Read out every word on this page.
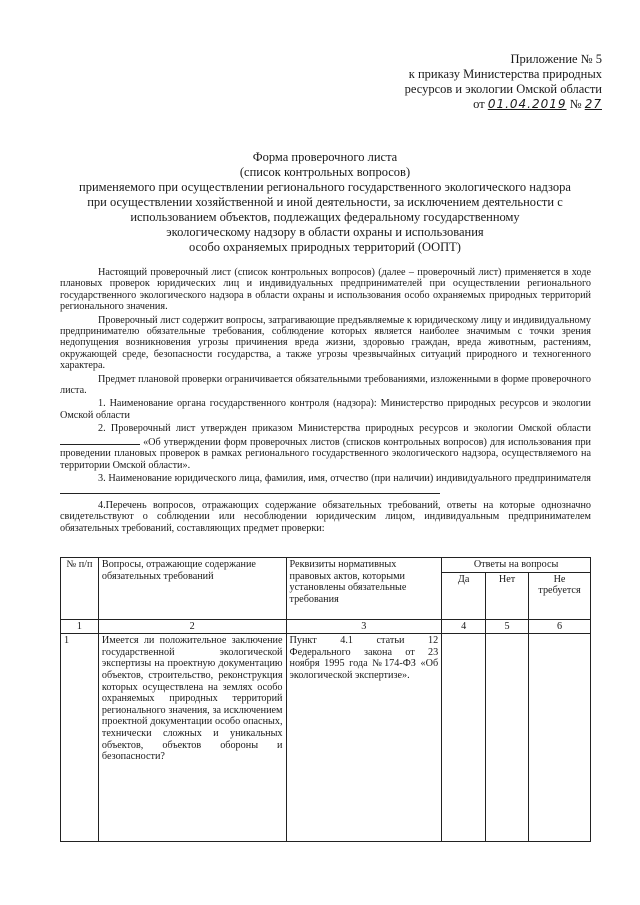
Приложение № 5
к приказу Министерства природных
ресурсов и экологии Омской области
от 01.04.2019 № 27
Форма проверочного листа
(список контрольных вопросов)
применяемого при осуществлении регионального государственного экологического надзора
при осуществлении хозяйственной и иной деятельности, за исключением деятельности с
использованием объектов, подлежащих федеральному государственному
экологическому надзору в области охраны и использования
особо охраняемых природных территорий (ООПТ)

Настоящий проверочный лист (список контрольных вопросов) (далее – проверочный лист) применяется в ходе плановых проверок юридических лиц и индивидуальных предпринимателей при осуществлении регионального государственного экологического надзора в области охраны и использования особо охраняемых природных территорий регионального значения.

Проверочный лист содержит вопросы, затрагивающие предъявляемые к юридическому лицу и индивидуальному предпринимателю обязательные требования, соблюдение которых является наиболее значимым с точки зрения недопущения возникновения угрозы причинения вреда жизни, здоровью граждан, вреда животным, растениям, окружающей среде, безопасности государства, а также угрозы чрезвычайных ситуаций природного и техногенного характера.

Предмет плановой проверки ограничивается обязательными требованиями, изложенными в форме проверочного листа.

1. Наименование органа государственного контроля (надзора): Министерство природных ресурсов и экологии Омской области

2. Проверочный лист утвержден приказом Министерства природных ресурсов и экологии Омской области  «Об утверждении форм проверочных листов (списков контрольных вопросов) для использования при проведении плановых проверок в рамках регионального государственного экологического надзора, осуществляемого на территории Омской области».

3. Наименование юридического лица, фамилия, имя, отчество (при наличии) индивидуального предпринимателя

4.Перечень вопросов, отражающих содержание обязательных требований, ответы на которые однозначно свидетельствуют о соблюдении или несоблюдении юридическим лицом, индивидуальным предпринимателем обязательных требований, составляющих предмет проверки:

№ п/п	Вопросы, отражающие содержание обязательных требований	Реквизиты нормативных правовых актов, которыми установлены обязательные требования	Ответы на вопросы		
			Да	Нет	Не требуется
1	2	3	4	5	6
1	Имеется ли положительное заключение государственной экологической экспертизы на проектную документацию объектов, строительство, реконструкция которых осуществлена на землях особо охраняемых природных территорий регионального значения, за исключением проектной документации особо опасных, технически сложных и уникальных объектов, объектов обороны и безопасности?	Пункт 4.1 статьи 12 Федерального закона от 23 ноября 1995 года №174-ФЗ «Об экологической экспертизе».			
